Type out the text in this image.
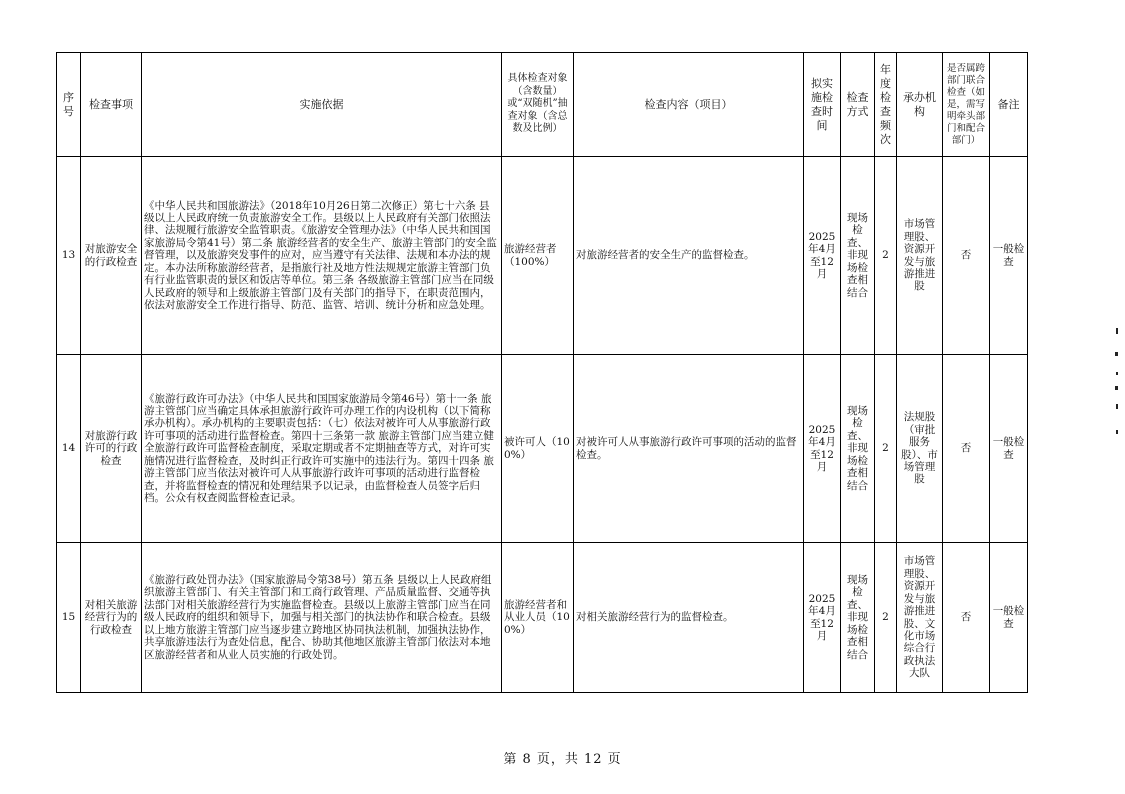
序号	检查事项	实施依据	具体检查对象（含数量）或“双随机”抽查对象（含总数及比例）	检查内容（项目）	拟实施检查时间	检查方式	年度检查频次	承办机构	是否属跨部门联合检查（如是，需写明牵头部门和配合部门）	备注
13	对旅游安全的行政检查	《中华人民共和国旅游法》（2018年10月26日第二次修正）第七十六条 县级以上人民政府统一负责旅游安全工作。县级以上人民政府有关部门依照法律、法规履行旅游安全监管职责。《旅游安全管理办法》（中华人民共和国国家旅游局令第41号）第二条 旅游经营者的安全生产、旅游主管部门的安全监督管理，以及旅游突发事件的应对，应当遵守有关法律、法规和本办法的规定。本办法所称旅游经营者，是指旅行社及地方性法规规定旅游主管部门负有行业监管职责的景区和饭店等单位。第三条 各级旅游主管部门应当在同级人民政府的领导和上级旅游主管部门及有关部门的指导下，在职责范围内，依法对旅游安全工作进行指导、防范、监管、培训、统计分析和应急处理。	旅游经营者（100%）	对旅游经营者的安全生产的监督检查。	2025年4月至12月	现场检查、非现场检查相结合	2	市场管理股、资源开发与旅游推进股	否	一般检查
14	对旅游行政许可的行政检查	《旅游行政许可办法》（中华人民共和国国家旅游局令第46号）第十一条 旅游主管部门应当确定具体承担旅游行政许可办理工作的内设机构（以下简称承办机构）。承办机构的主要职责包括：（七）依法对被许可人从事旅游行政许可事项的活动进行监督检查。第四十三条第一款 旅游主管部门应当建立健全旅游行政许可监督检查制度，采取定期或者不定期抽查等方式，对许可实施情况进行监督检查，及时纠正行政许可实施中的违法行为。第四十四条 旅游主管部门应当依法对被许可人从事旅游行政许可事项的活动进行监督检查，并将监督检查的情况和处理结果予以记录，由监督检查人员签字后归档。公众有权查阅监督检查记录。	被许可人（100%）	对被许可人从事旅游行政许可事项的活动的监督检查。	2025年4月至12月	现场检查、非现场检查相结合	2	法规股（审批服务股）、市场管理股	否	一般检查
15	对相关旅游经营行为的行政检查	《旅游行政处罚办法》（国家旅游局令第38号）第五条 县级以上人民政府组织旅游主管部门、有关主管部门和工商行政管理、产品质量监督、交通等执法部门对相关旅游经营行为实施监督检查。县级以上旅游主管部门应当在同级人民政府的组织和领导下，加强与相关部门的执法协作和联合检查。县级以上地方旅游主管部门应当逐步建立跨地区协同执法机制，加强执法协作，共享旅游违法行为查处信息，配合、协助其他地区旅游主管部门依法对本地区旅游经营者和从业人员实施的行政处罚。	旅游经营者和从业人员（100%）	对相关旅游经营行为的监督检查。	2025年4月至12月	现场检查、非现场检查相结合	2	市场管理股、资源开发与旅游推进股、文化市场综合行政执法大队	否	一般检查
第 8 页，共 12 页
